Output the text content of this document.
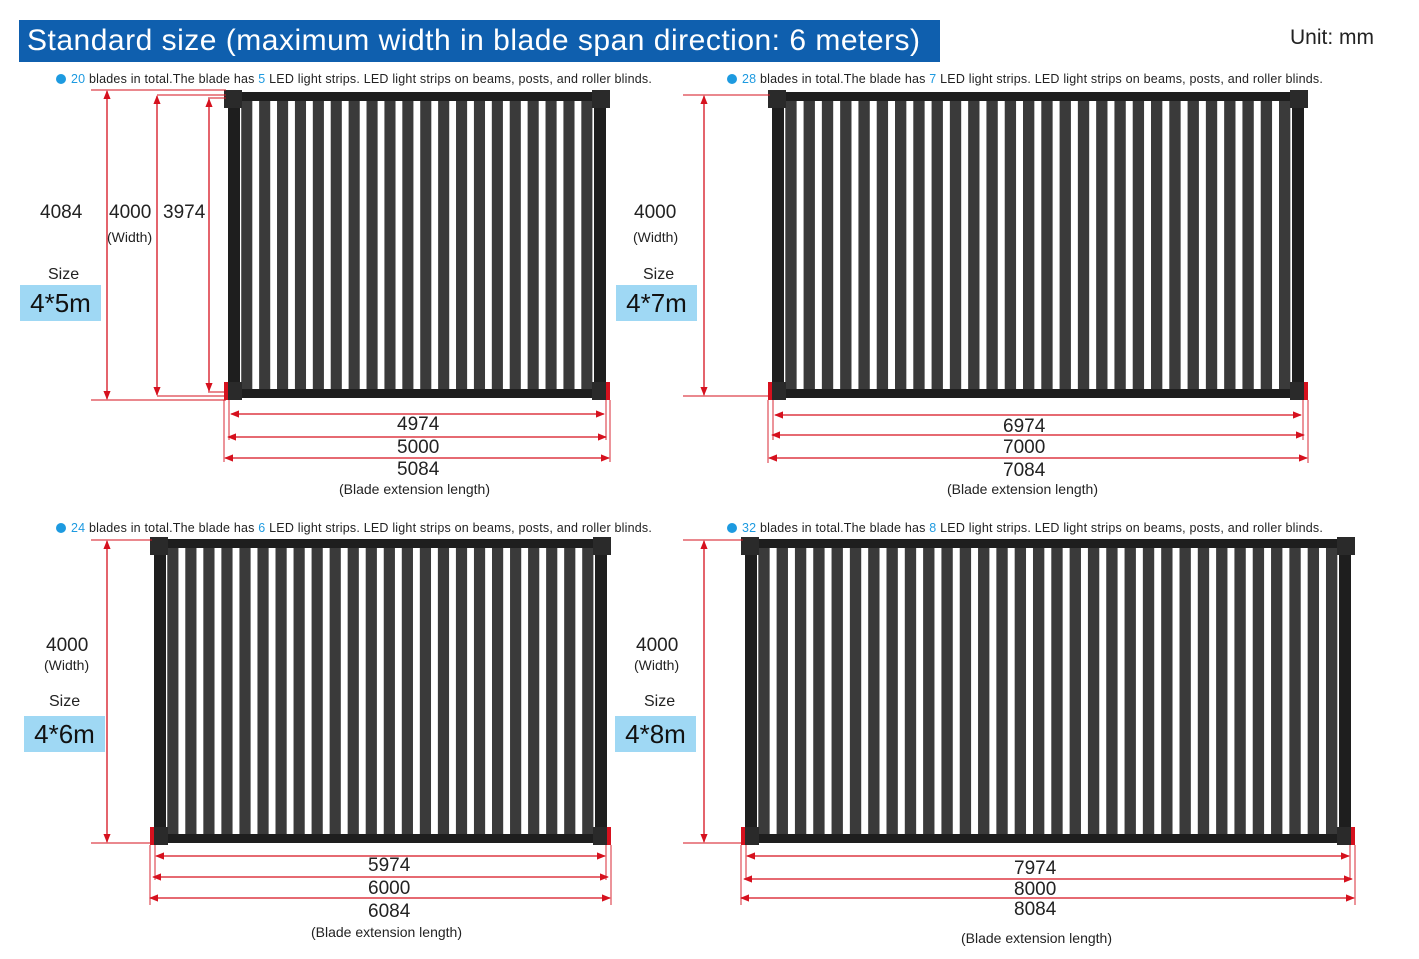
Standard size (maximum width in blade span direction: 6 meters)	Unit: mm
20 blades in total.The blade has 5 LED light strips. LED light strips on beams, posts, and roller blinds.	28 blades in total.The blade has 7 LED light strips. LED light strips on beams, posts, and roller blinds.
24 blades in total.The blade has 6 LED light strips. LED light strips on beams, posts, and roller blinds.	32 blades in total.The blade has 8 LED light strips. LED light strips on beams, posts, and roller blinds.
4084 4000 3974
(Width)
Size
4*5m
4974
5000
5084
(Blade extension length)
4000
(Width)
Size
4*7m
6974
7000
7084
(Blade extension length)
4000
(Width)
Size
4*6m
5974
6000
6084
(Blade extension length)
4000
(Width)
Size
4*8m
7974
8000
8084
(Blade extension length)
